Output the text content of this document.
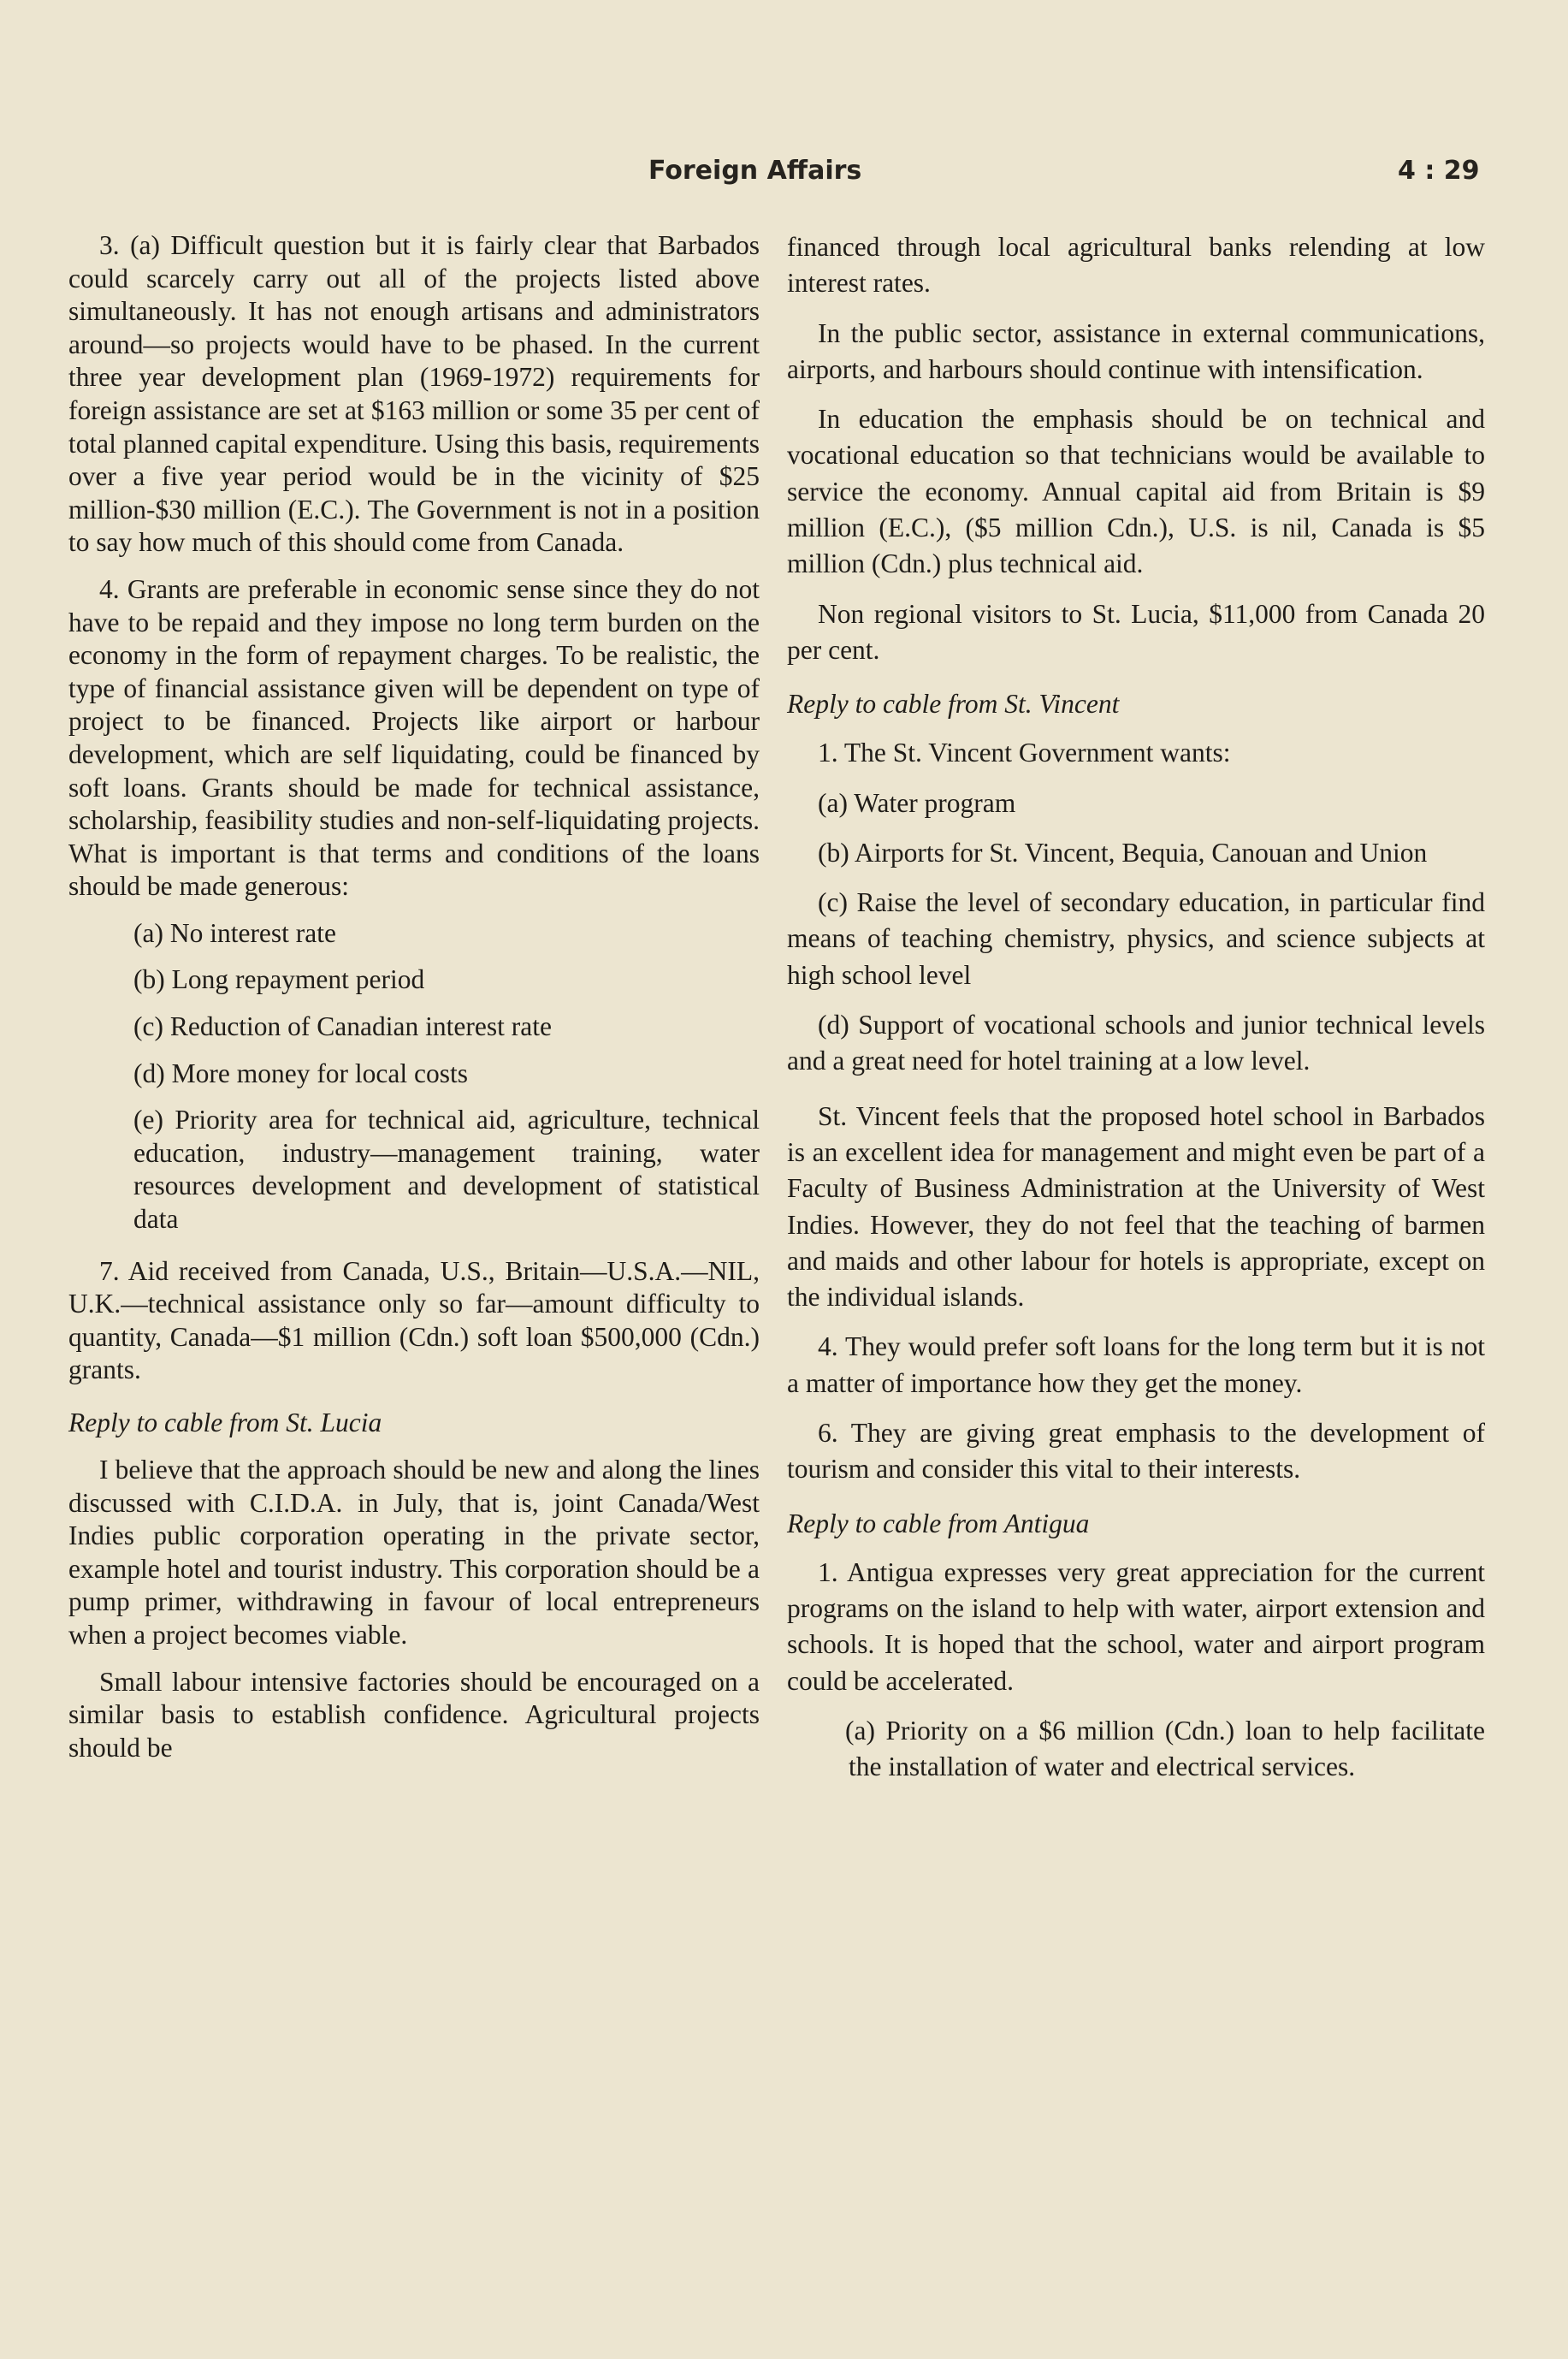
Foreign Affairs	4 : 29

3. (a) Difficult question but it is fairly clear that Barbados could scarcely carry out all of the projects listed above simultaneously. It has not enough artisans and administrators around—so projects would have to be phased. In the current three year development plan (1969-1972) requirements for foreign assistance are set at $163 million or some 35 per cent of total planned capital expenditure. Using this basis, requirements over a five year period would be in the vicinity of $25 million-$30 million (E.C.). The Government is not in a position to say how much of this should come from Canada.

4. Grants are preferable in economic sense since they do not have to be repaid and they impose no long term burden on the economy in the form of repayment charges. To be realistic, the type of financial assistance given will be dependent on type of project to be financed. Projects like airport or harbour development, which are self liquidating, could be financed by soft loans. Grants should be made for technical assistance, scholarship, feasibility studies and non-self-liquidating projects. What is important is that terms and conditions of the loans should be made generous:

(a) No interest rate

(b) Long repayment period

(c) Reduction of Canadian interest rate

(d) More money for local costs

(e) Priority area for technical aid, agriculture, technical education, industry—management training, water resources development and development of statistical data

7. Aid received from Canada, U.S., Britain—U.S.A.—NIL, U.K.—technical assistance only so far—amount difficulty to quantity, Canada—$1 million (Cdn.) soft loan $500,000 (Cdn.) grants.

Reply to cable from St. Lucia

I believe that the approach should be new and along the lines discussed with C.I.D.A. in July, that is, joint Canada/West Indies public corporation operating in the private sector, example hotel and tourist industry. This corporation should be a pump primer, withdrawing in favour of local entrepreneurs when a project becomes viable.

Small labour intensive factories should be encouraged on a similar basis to establish confidence. Agricultural projects should be

financed through local agricultural banks relending at low interest rates.

In the public sector, assistance in external communications, airports, and harbours should continue with intensification.

In education the emphasis should be on technical and vocational education so that technicians would be available to service the economy. Annual capital aid from Britain is $9 million (E.C.), ($5 million Cdn.), U.S. is nil, Canada is $5 million (Cdn.) plus technical aid.

Non regional visitors to St. Lucia, $11,000 from Canada 20 per cent.

Reply to cable from St. Vincent

1. The St. Vincent Government wants:

(a) Water program

(b) Airports for St. Vincent, Bequia, Canouan and Union

(c) Raise the level of secondary education, in particular find means of teaching chemistry, physics, and science subjects at high school level

(d) Support of vocational schools and junior technical levels and a great need for hotel training at a low level.

St. Vincent feels that the proposed hotel school in Barbados is an excellent idea for management and might even be part of a Faculty of Business Administration at the University of West Indies. However, they do not feel that the teaching of barmen and maids and other labour for hotels is appropriate, except on the individual islands.

4. They would prefer soft loans for the long term but it is not a matter of importance how they get the money.

6. They are giving great emphasis to the development of tourism and consider this vital to their interests.

Reply to cable from Antigua

1. Antigua expresses very great appreciation for the current programs on the island to help with water, airport extension and schools. It is hoped that the school, water and airport program could be accelerated.

(a) Priority on a $6 million (Cdn.) loan to help facilitate the installation of water and electrical services.
